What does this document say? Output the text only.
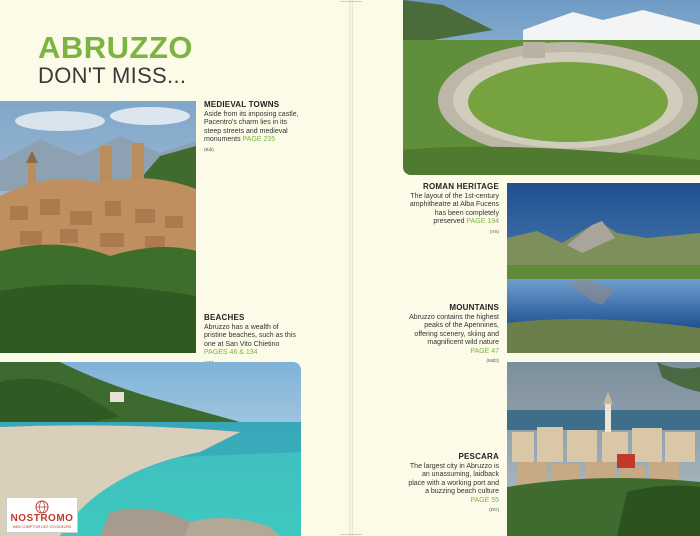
ABRUZZO
DON'T MISS...
MEDIEVAL TOWNS
Aside from its imposing castle, Pacentro's charm lies in its steep streets and medieval monuments PAGE 235
(BdI)
BEACHES
Abruzzo has a wealth of pristine beaches, such as this one at San Vito Chietino PAGES 46 & 134
ROMAN HERITAGE
The layout of the 1st-century amphitheatre at Alba Fucens has been completely preserved PAGE 194
(VS)
MOUNTAINS
Abruzzo contains the highest peaks of the Apennines, offering scenery, skiing and magnificent wild nature PAGE 47
(MdD)
PESCARA
The largest city in Abruzzo is an unassuming, laidback place with a working port and a buzzing beach culture PAGE 55
(DG)
NOSTROMO
WEB COMPTOIR DES VOYAGEURS
